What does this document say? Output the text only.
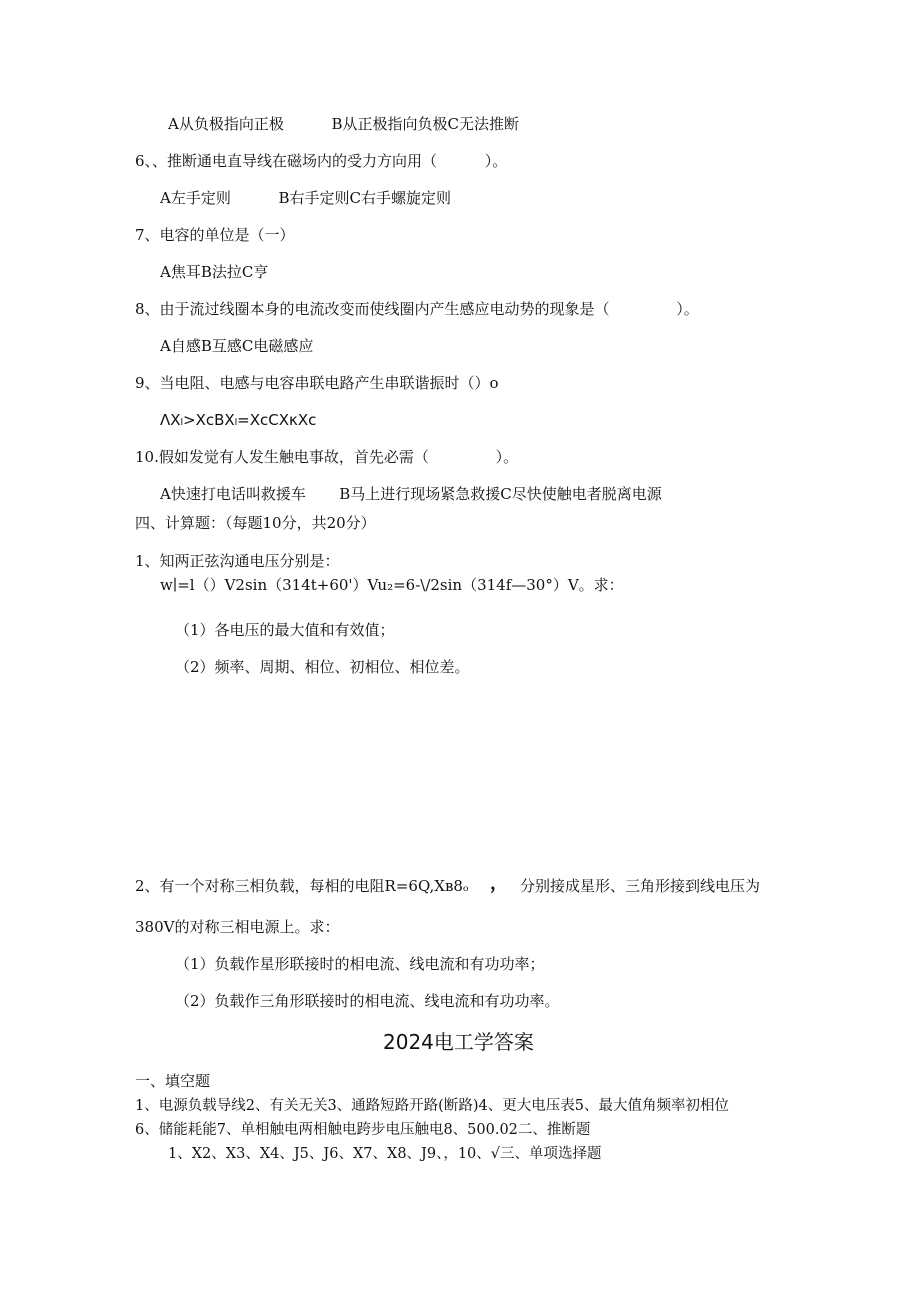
A从负极指向正极          B从正极指向负极C无法推断
6、、推断通电直导线在磁场内的受力方向用（          ）。
A左手定则          B右手定则C右手螺旋定则
7、电容的单位是（一）
A焦耳B法拉C亨
8、由于流过线圈本身的电流改变而使线圈内产生感应电动势的现象是（              ）。
A自感B互感C电磁感应
9、当电阻、电感与电容串联电路产生串联谐振时（）o
ΛXₗ>XcBXₗ=XcCXκXc
10.假如发觉有人发生触电事故，首先必需（              ）。
A快速打电话叫救援车       B马上进行现场紧急救援C尽快使触电者脱离电源
四、计算题：（每题10分，共20分）
1、知两正弦沟通电压分别是：
w∣=l（）V2sin（314t+60'）Vu₂=6-\/2sin（314f—30°）V。求：
（1）各电压的最大值和有效值；
（2）频率、周期、相位、初相位、相位差。
2、有一个对称三相负载，每相的电阻R=6Q,Xв8ₒ ， 分别接成星形、三角形接到线电压为
380V的对称三相电源上。求：
（1）负载作星形联接时的相电流、线电流和有功功率；
（2）负载作三角形联接时的相电流、线电流和有功功率。
2024电工学答案
一、填空题
1、电源负载导线2、有关无关3、通路短路开路(断路)4、更大电压表5、最大值角频率初相位
6、储能耗能7、单相触电两相触电跨步电压触电8、500.02二、推断题
1、X2、X3、X4、J5、J6、X7、X8、J9、，10、√三、单项选择题
